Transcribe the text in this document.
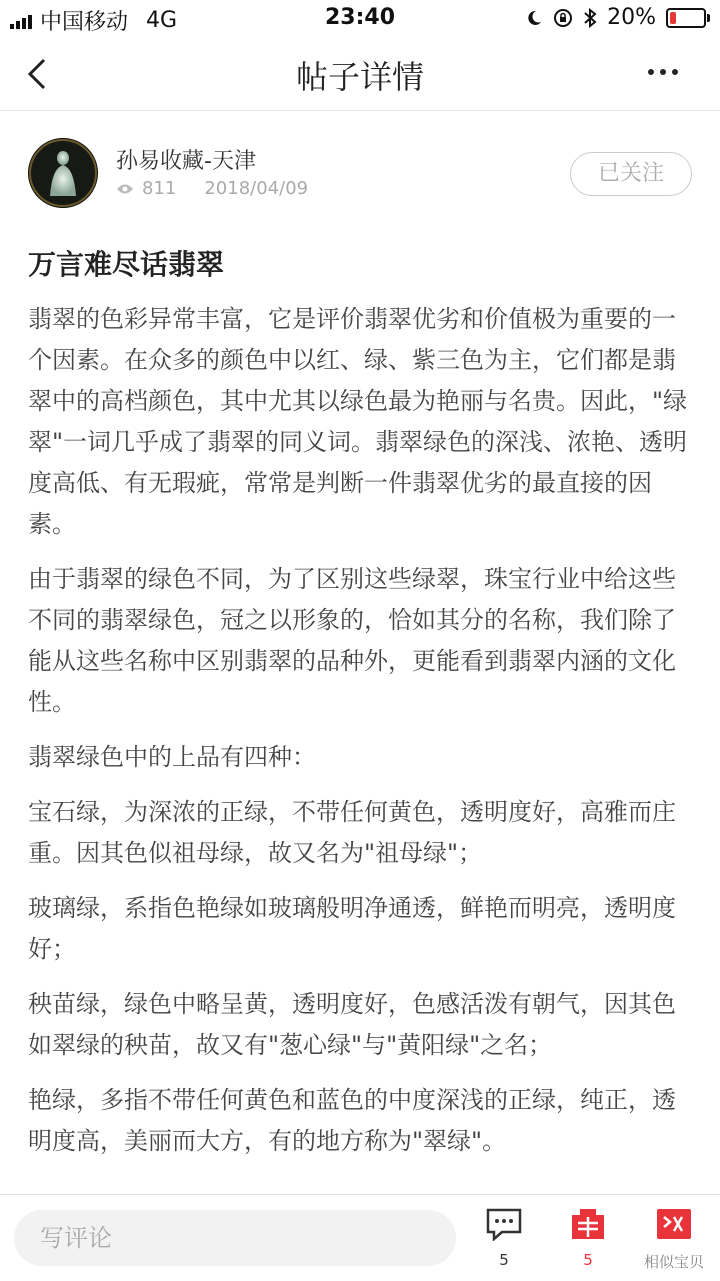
中国移动 4G	23:40	20%
帖子详情
孙易收藏-天津
811 2018/04/09
已关注
万言难尽话翡翠

翡翠的色彩异常丰富，它是评价翡翠优劣和价值极为重要的一个因素。在众多的颜色中以红、绿、紫三色为主，它们都是翡翠中的高档颜色，其中尤其以绿色最为艳丽与名贵。因此，"绿翠"一词几乎成了翡翠的同义词。翡翠绿色的深浅、浓艳、透明度高低、有无瑕疵，常常是判断一件翡翠优劣的最直接的因素。

由于翡翠的绿色不同，为了区别这些绿翠，珠宝行业中给这些不同的翡翠绿色，冠之以形象的，恰如其分的名称，我们除了能从这些名称中区别翡翠的品种外，更能看到翡翠内涵的文化性。

翡翠绿色中的上品有四种：

宝石绿，为深浓的正绿，不带任何黄色，透明度好，高雅而庄重。因其色似祖母绿，故又名为"祖母绿"；

玻璃绿，系指色艳绿如玻璃般明净通透，鲜艳而明亮，透明度好；

秧苗绿，绿色中略呈黄，透明度好，色感活泼有朝气，因其色如翠绿的秧苗，故又有"葱心绿"与"黄阳绿"之名；

艳绿，多指不带任何黄色和蓝色的中度深浅的正绿，纯正，透明度高，美丽而大方，有的地方称为"翠绿"。

写评论
5	5	相似宝贝
